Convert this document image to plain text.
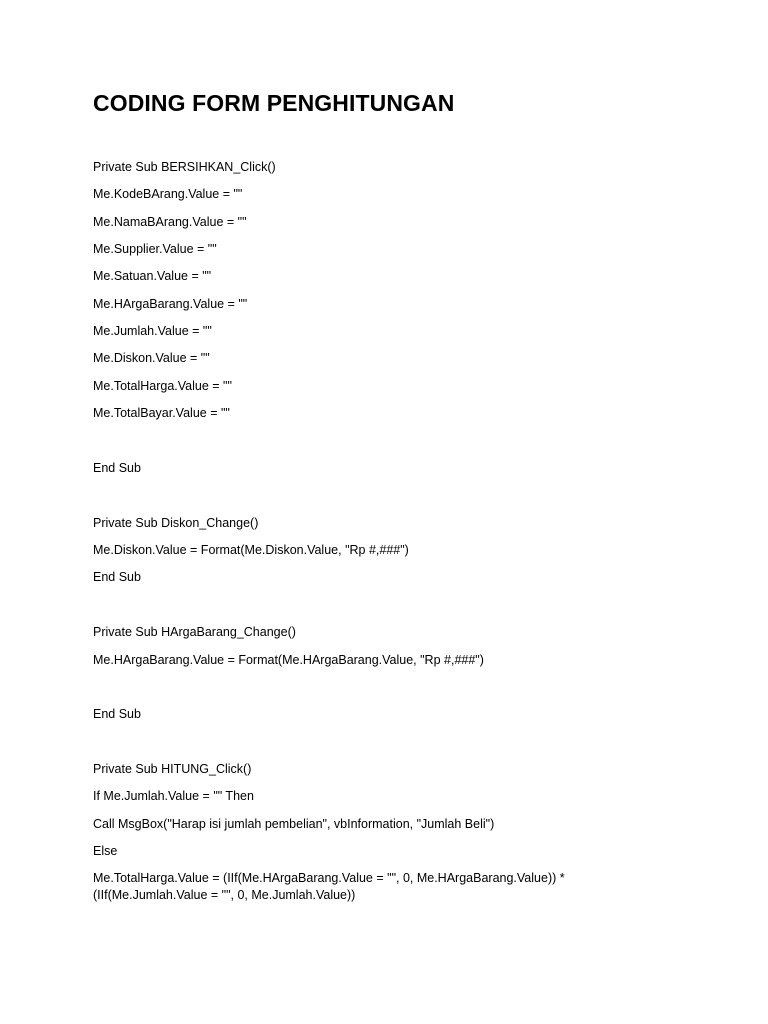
CODING FORM PENGHITUNGAN

Private Sub BERSIHKAN_Click()

Me.KodeBArang.Value = ""

Me.NamaBArang.Value = ""

Me.Supplier.Value = ""

Me.Satuan.Value = ""

Me.HArgaBarang.Value = ""

Me.Jumlah.Value = ""

Me.Diskon.Value = ""

Me.TotalHarga.Value = ""

Me.TotalBayar.Value = ""

End Sub

Private Sub Diskon_Change()

Me.Diskon.Value = Format(Me.Diskon.Value, "Rp #,###")

End Sub

Private Sub HArgaBarang_Change()

Me.HArgaBarang.Value = Format(Me.HArgaBarang.Value, "Rp #,###")

End Sub

Private Sub HITUNG_Click()

If Me.Jumlah.Value = "" Then

Call MsgBox("Harap isi jumlah pembelian", vbInformation, "Jumlah Beli")

Else

Me.TotalHarga.Value = (IIf(Me.HArgaBarang.Value = "", 0, Me.HArgaBarang.Value)) * (IIf(Me.Jumlah.Value = "", 0, Me.Jumlah.Value))
